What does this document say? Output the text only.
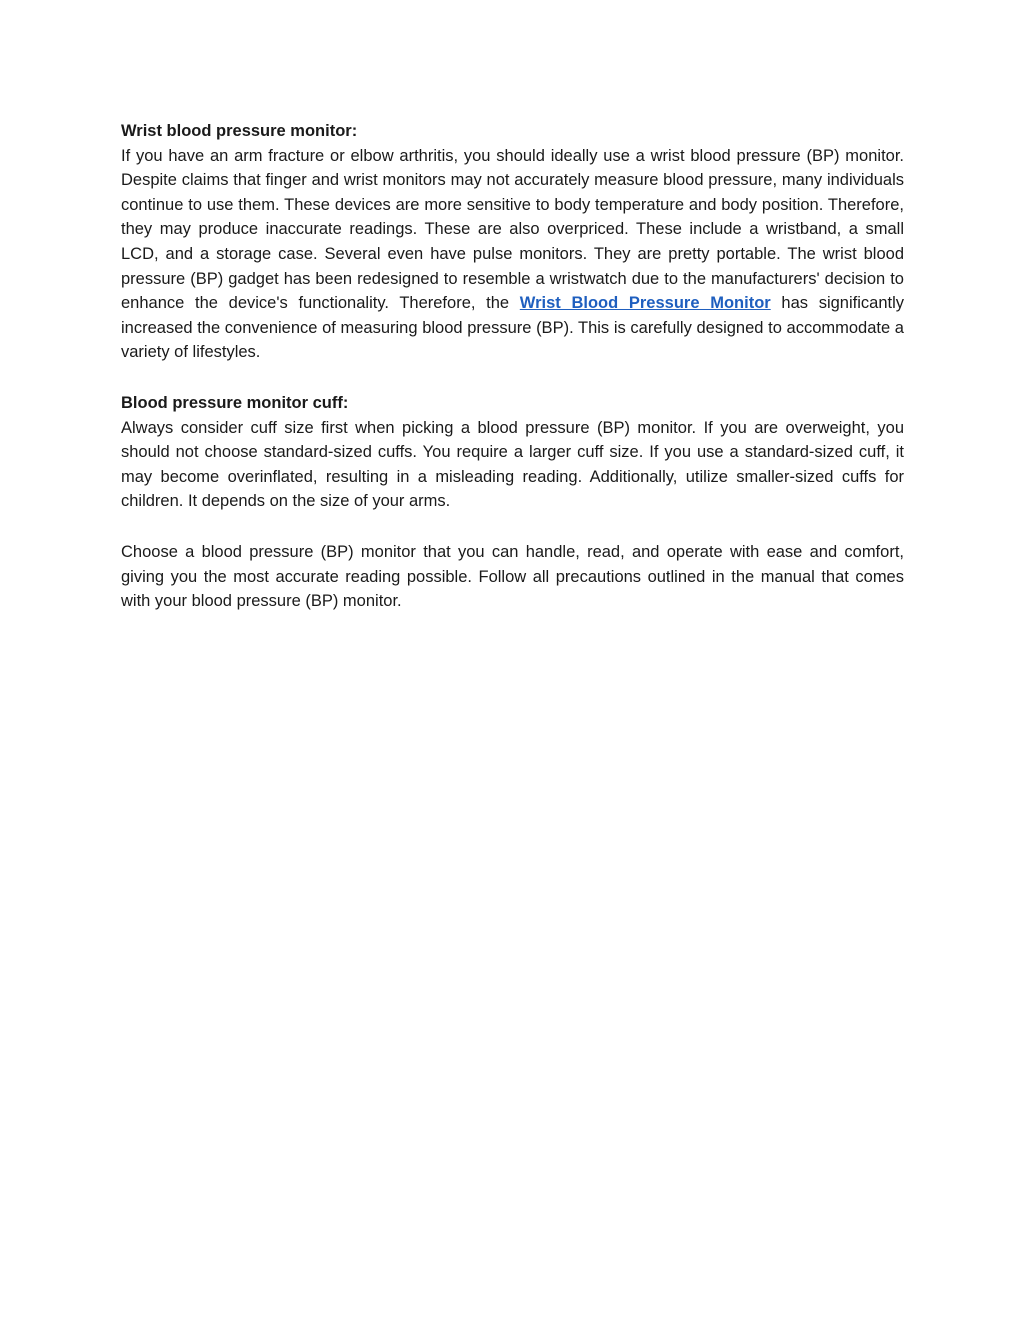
Wrist blood pressure monitor:

If you have an arm fracture or elbow arthritis, you should ideally use a wrist blood pressure (BP) monitor. Despite claims that finger and wrist monitors may not accurately measure blood pressure, many individuals continue to use them. These devices are more sensitive to body temperature and body position. Therefore, they may produce inaccurate readings. These are also overpriced. These include a wristband, a small LCD, and a storage case. Several even have pulse monitors. They are pretty portable. The wrist blood pressure (BP) gadget has been redesigned to resemble a wristwatch due to the manufacturers' decision to enhance the device's functionality. Therefore, the Wrist Blood Pressure Monitor has significantly increased the convenience of measuring blood pressure (BP). This is carefully designed to accommodate a variety of lifestyles.

Blood pressure monitor cuff:

Always consider cuff size first when picking a blood pressure (BP) monitor. If you are overweight, you should not choose standard-sized cuffs. You require a larger cuff size. If you use a standard-sized cuff, it may become overinflated, resulting in a misleading reading. Additionally, utilize smaller-sized cuffs for children. It depends on the size of your arms.

Choose a blood pressure (BP) monitor that you can handle, read, and operate with ease and comfort, giving you the most accurate reading possible. Follow all precautions outlined in the manual that comes with your blood pressure (BP) monitor.
